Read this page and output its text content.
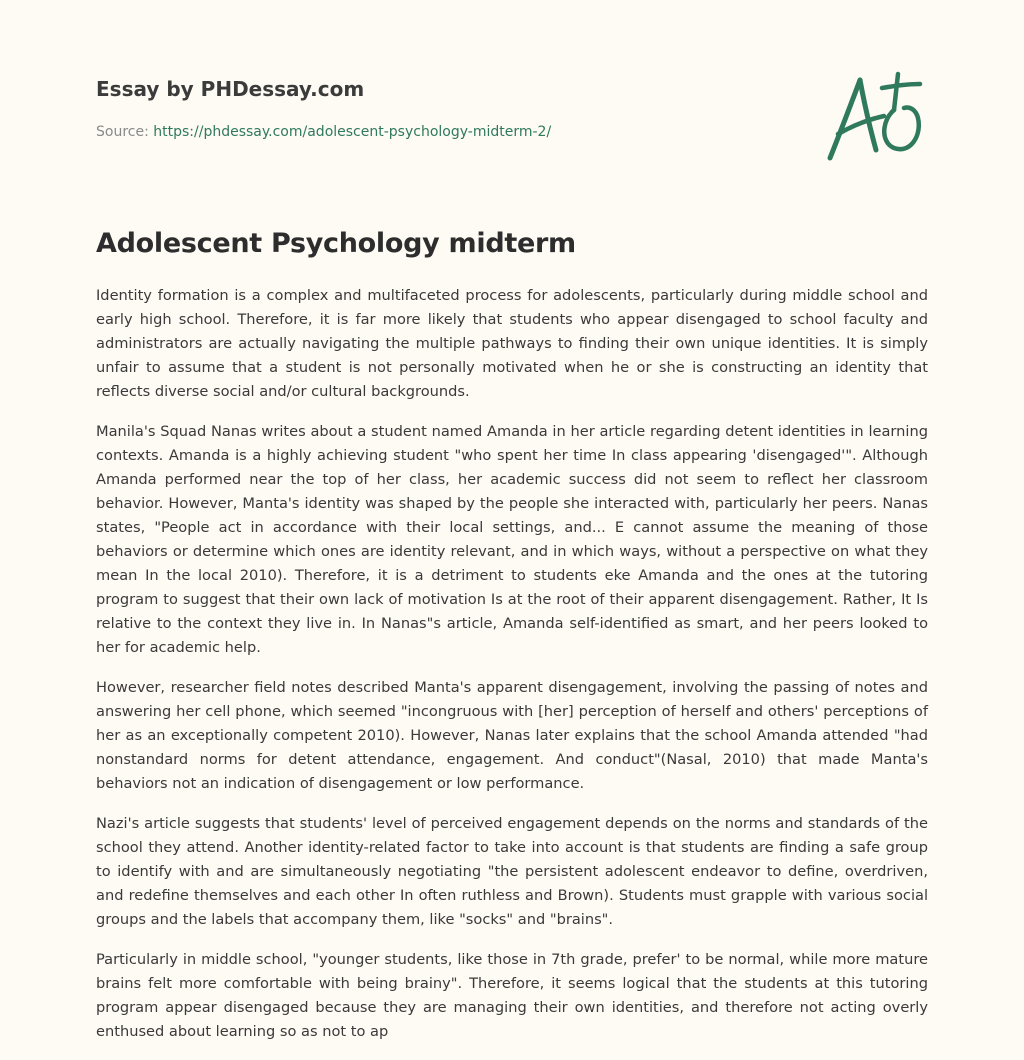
Essay by PHDessay.com
Source: https://phdessay.com/adolescent-psychology-midterm-2/
Adolescent Psychology midterm

Identity formation is a complex and multifaceted process for adolescents, particularly during middle school and early high school. Therefore, it is far more likely that students who appear disengaged to school faculty and administrators are actually navigating the multiple pathways to finding their own unique identities. It is simply unfair to assume that a student is not personally motivated when he or she is constructing an identity that reflects diverse social and/or cultural backgrounds.

Manila's Squad Nanas writes about a student named Amanda in her article regarding detent identities in learning contexts. Amanda is a highly achieving student "who spent her time In class appearing 'disengaged'". Although Amanda performed near the top of her class, her academic success did not seem to reflect her classroom behavior. However, Manta's identity was shaped by the people she interacted with, particularly her peers. Nanas states, "People act in accordance with their local settings, and... E cannot assume the meaning of those behaviors or determine which ones are identity relevant, and in which ways, without a perspective on what they mean In the local 2010). Therefore, it is a detriment to students eke Amanda and the ones at the tutoring program to suggest that their own lack of motivation Is at the root of their apparent disengagement. Rather, It Is relative to the context they live in. In Nanas"s article, Amanda self-identified as smart, and her peers looked to her for academic help.

However, researcher field notes described Manta's apparent disengagement, involving the passing of notes and answering her cell phone, which seemed "incongruous with [her] perception of herself and others' perceptions of her as an exceptionally competent 2010). However, Nanas later explains that the school Amanda attended "had nonstandard norms for detent attendance, engagement. And conduct"(Nasal, 2010) that made Manta's behaviors not an indication of disengagement or low performance.

Nazi's article suggests that students' level of perceived engagement depends on the norms and standards of the school they attend. Another identity-related factor to take into account is that students are finding a safe group to identify with and are simultaneously negotiating "the persistent adolescent endeavor to define, overdriven, and redefine themselves and each other In often ruthless and Brown). Students must grapple with various social groups and the labels that accompany them, like "socks" and "brains".

Particularly in middle school, "younger students, like those in 7th grade, prefer' to be normal, while more mature brains felt more comfortable with being brainy". Therefore, it seems logical that the students at this tutoring program appear disengaged because they are managing their own identities, and therefore not acting overly enthused about learning so as not to ap
